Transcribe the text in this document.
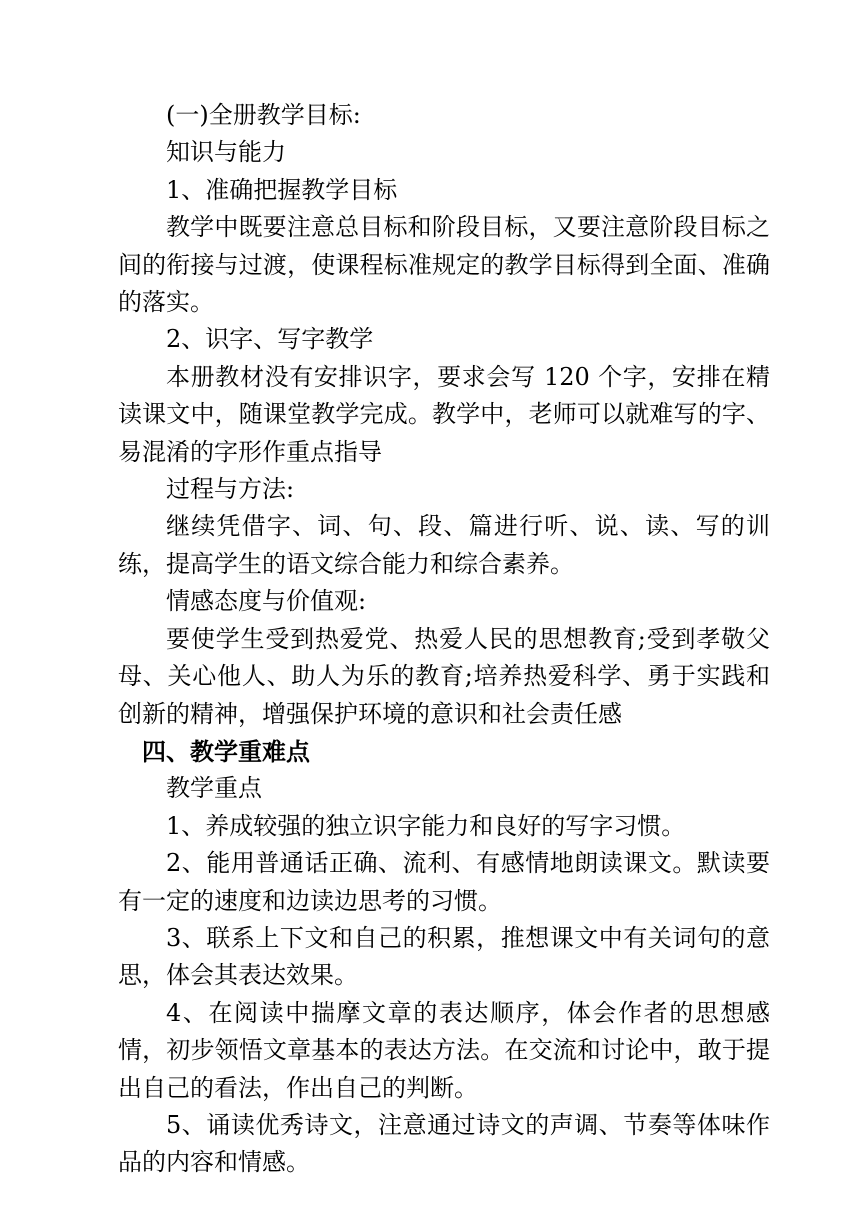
(一)全册教学目标:

知识与能力

1、准确把握教学目标

教学中既要注意总目标和阶段目标，又要注意阶段目标之间的衔接与过渡，使课程标准规定的教学目标得到全面、准确的落实。

2、识字、写字教学

本册教材没有安排识字，要求会写 120 个字，安排在精读课文中，随课堂教学完成。教学中，老师可以就难写的字、易混淆的字形作重点指导

过程与方法:

继续凭借字、词、句、段、篇进行听、说、读、写的训练，提高学生的语文综合能力和综合素养。

情感态度与价值观:

要使学生受到热爱党、热爱人民的思想教育;受到孝敬父母、关心他人、助人为乐的教育;培养热爱科学、勇于实践和创新的精神，增强保护环境的意识和社会责任感

四、教学重难点

教学重点

1、养成较强的独立识字能力和良好的写字习惯。

2、能用普通话正确、流利、有感情地朗读课文。默读要有一定的速度和边读边思考的习惯。

3、联系上下文和自己的积累，推想课文中有关词句的意思，体会其表达效果。

4、在阅读中揣摩文章的表达顺序，体会作者的思想感情，初步领悟文章基本的表达方法。在交流和讨论中，敢于提出自己的看法，作出自己的判断。

5、诵读优秀诗文，注意通过诗文的声调、节奏等体味作品的内容和情感。
